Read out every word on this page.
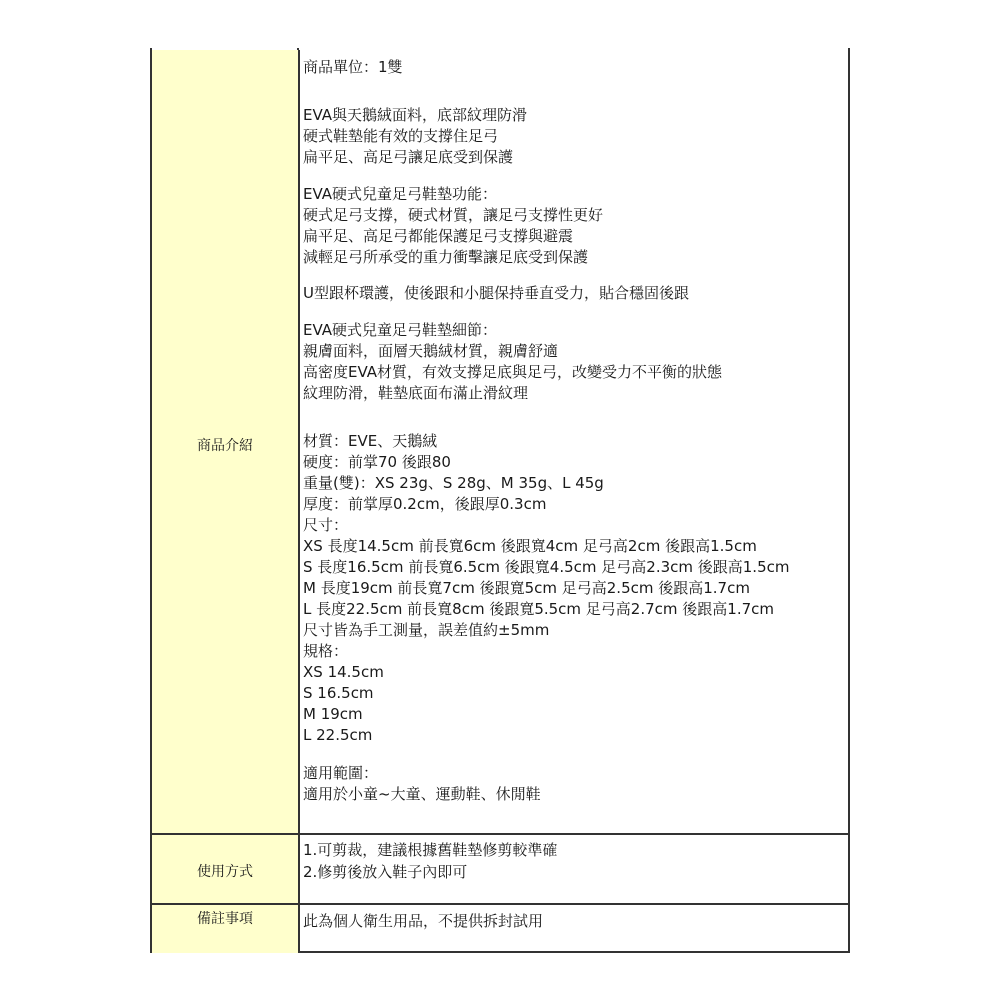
商品介紹
商品單位：1雙
EVA與天鵝絨面料，底部紋理防滑
硬式鞋墊能有效的支撐住足弓
扁平足、高足弓讓足底受到保護
EVA硬式兒童足弓鞋墊功能：
硬式足弓支撐，硬式材質，讓足弓支撐性更好
扁平足、高足弓都能保護足弓支撐與避震
減輕足弓所承受的重力衝擊讓足底受到保護
U型跟杯環護，使後跟和小腿保持垂直受力，貼合穩固後跟
EVA硬式兒童足弓鞋墊細節：
親膚面料，面層天鵝絨材質，親膚舒適
高密度EVA材質，有效支撐足底與足弓，改變受力不平衡的狀態
紋理防滑，鞋墊底面布滿止滑紋理
材質：EVE、天鵝絨
硬度：前掌70 後跟80
重量(雙)：XS 23g、S 28g、M 35g、L 45g
厚度：前掌厚0.2cm，後跟厚0.3cm
尺寸：
XS 長度14.5cm 前長寬6cm 後跟寬4cm 足弓高2cm 後跟高1.5cm
S 長度16.5cm 前長寬6.5cm 後跟寬4.5cm 足弓高2.3cm 後跟高1.5cm
M 長度19cm 前長寬7cm 後跟寬5cm 足弓高2.5cm 後跟高1.7cm
L 長度22.5cm 前長寬8cm 後跟寬5.5cm 足弓高2.7cm 後跟高1.7cm
尺寸皆為手工測量，誤差值約±5mm
規格：
XS 14.5cm
S 16.5cm
M 19cm
L 22.5cm
適用範圍：
適用於小童~大童、運動鞋、休閒鞋
使用方式
1.可剪裁，建議根據舊鞋墊修剪較準確
2.修剪後放入鞋子內即可
備註事項	此為個人衛生用品，不提供拆封試用
